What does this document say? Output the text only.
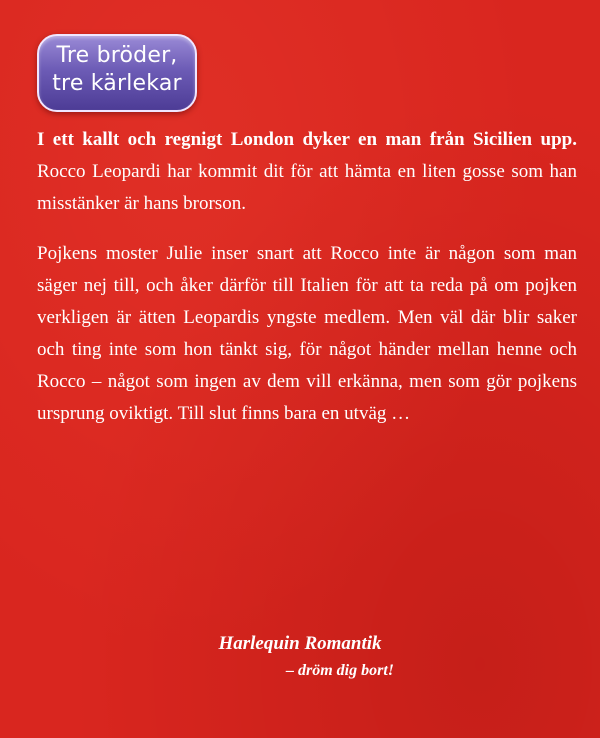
Tre bröder,
tre kärlekar

I ett kallt och regnigt London dyker en man från Sicilien upp. Rocco Leopardi har kommit dit för att hämta en liten gosse som han misstänker är hans brorson.

Pojkens moster Julie inser snart att Rocco inte är någon som man säger nej till, och åker därför till Italien för att ta reda på om pojken verkligen är ätten Leopardis yngste medlem. Men väl där blir saker och ting inte som hon tänkt sig, för något händer mellan henne och Rocco – något som ingen av dem vill erkänna, men som gör pojkens ursprung oviktigt. Till slut finns bara en utväg …

Harlequin Romantik
– dröm dig bort!
